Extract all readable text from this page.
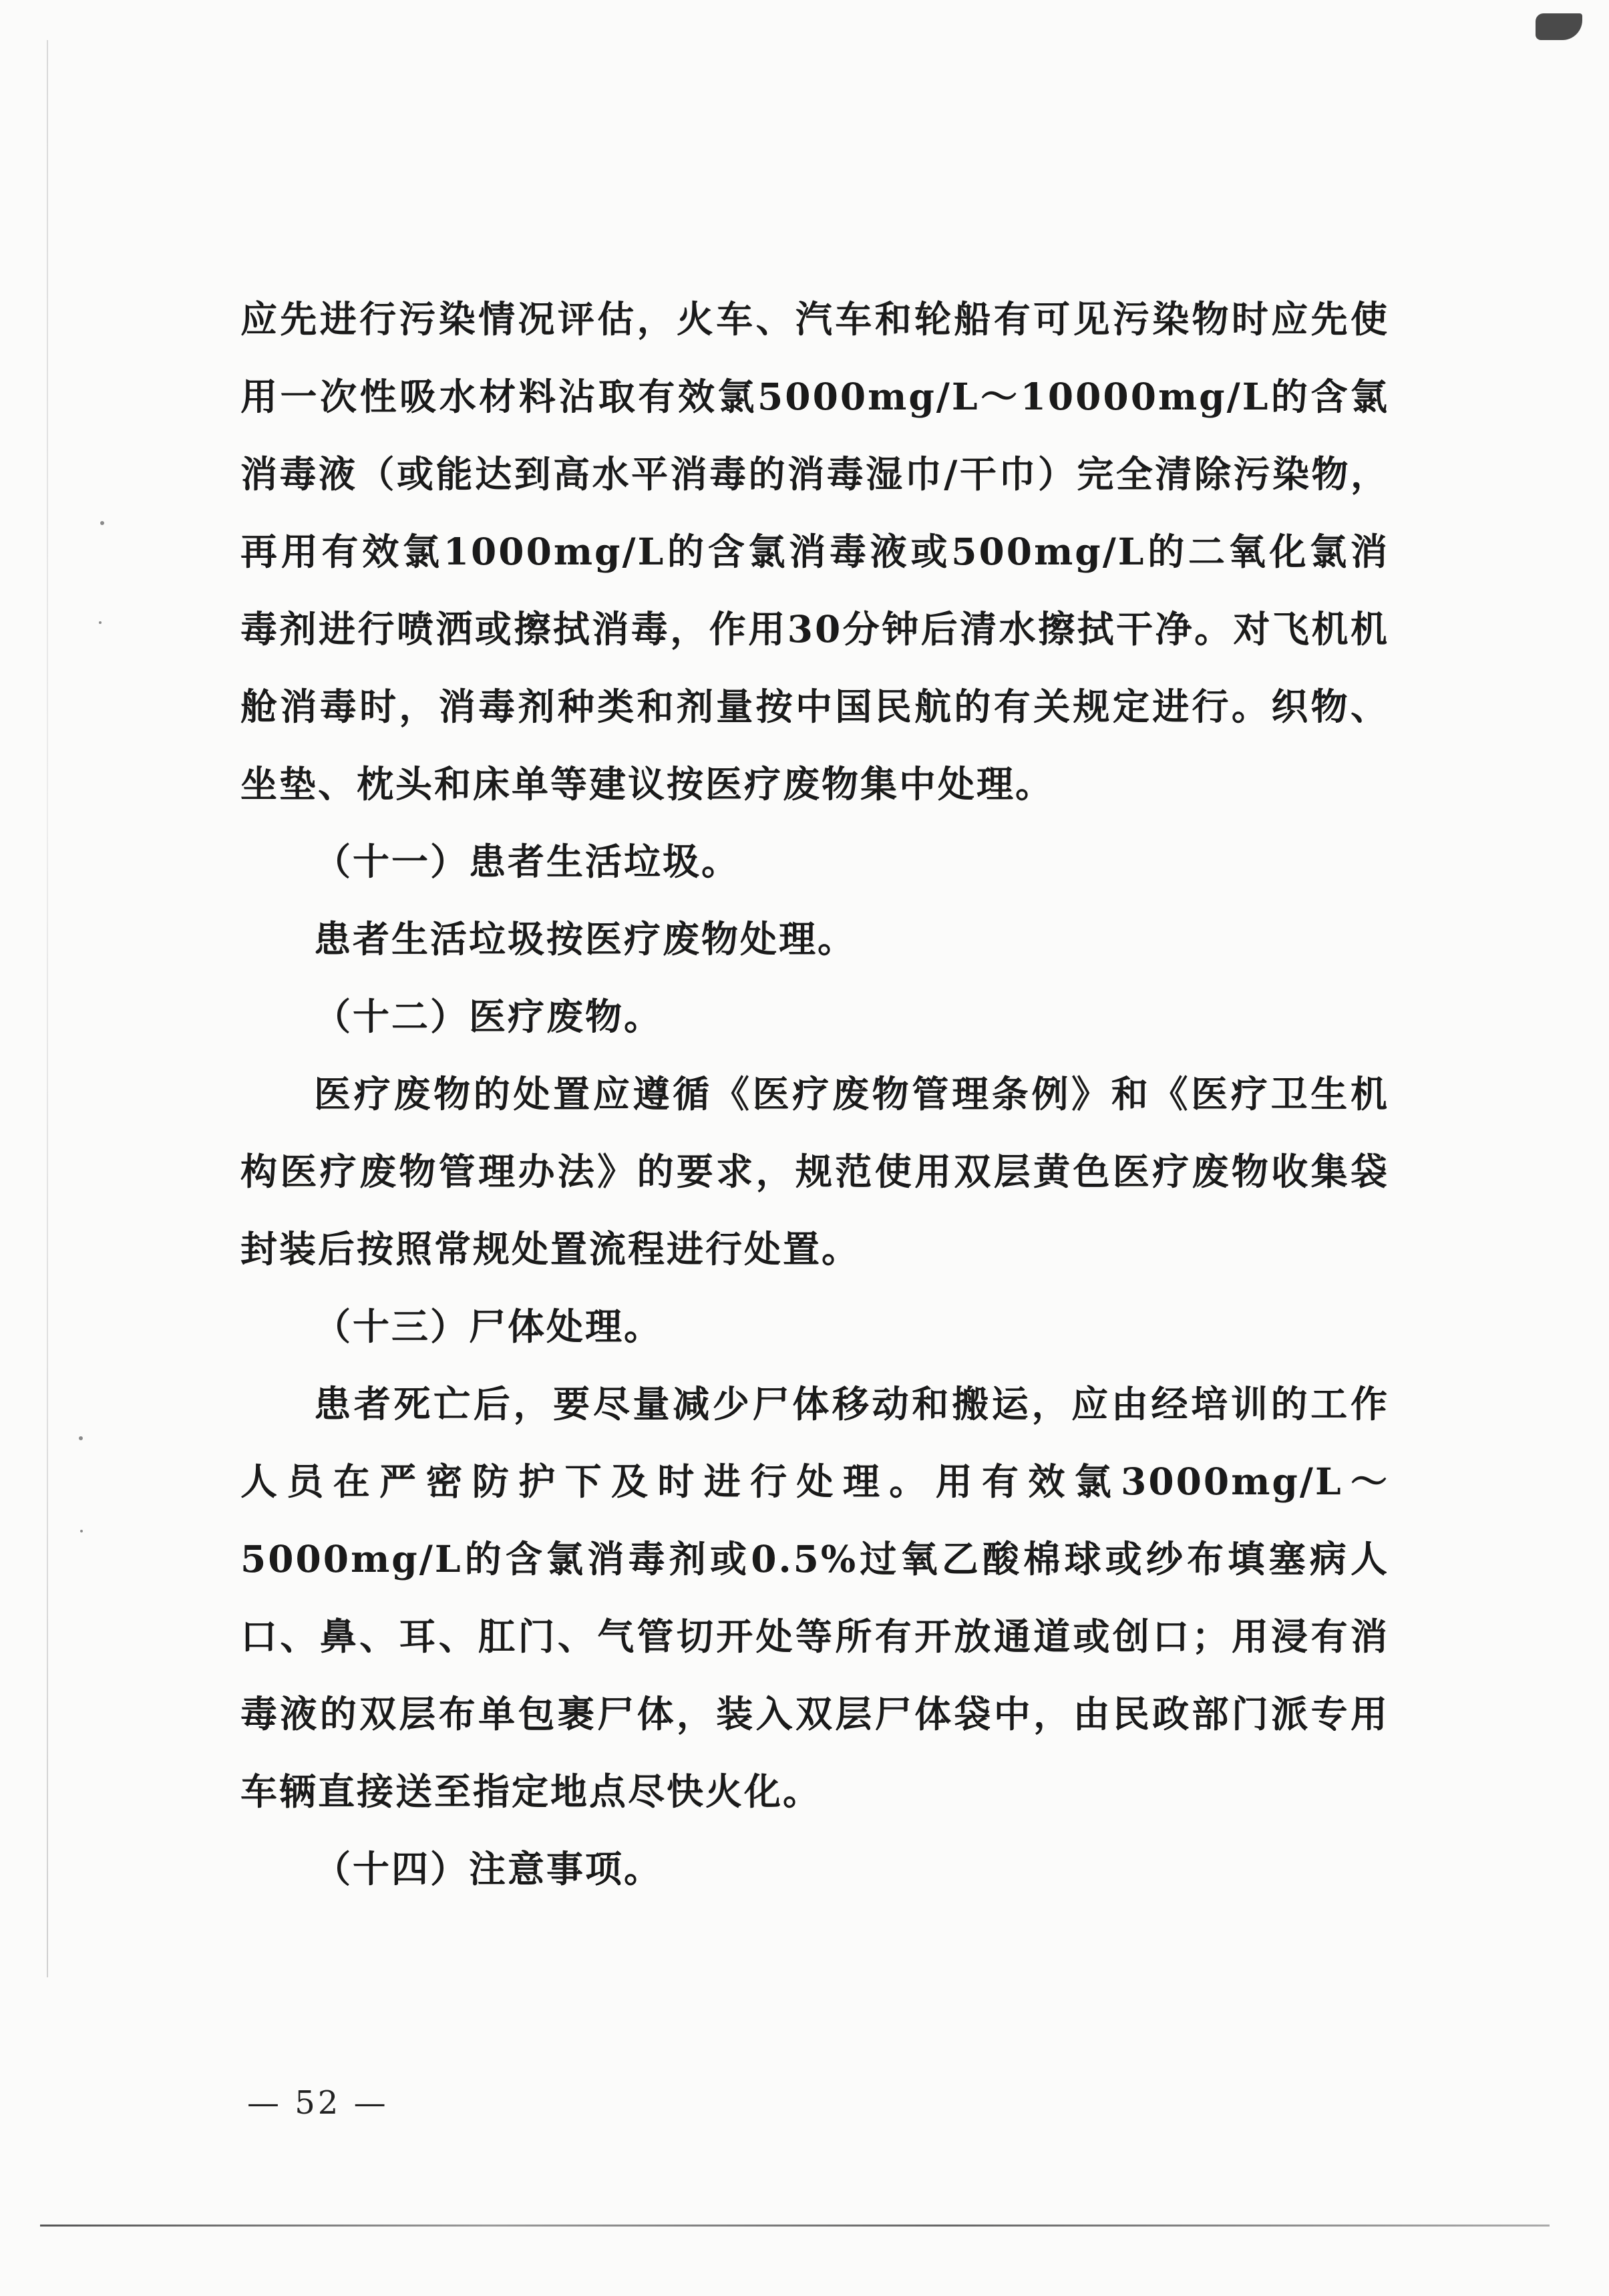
应先进行污染情况评估，火车、汽车和轮船有可见污染物时应先使用一次性吸水材料沾取有效氯5000mg/L～10000mg/L的含氯消毒液（或能达到高水平消毒的消毒湿巾/干巾）完全清除污染物，再用有效氯1000mg/L的含氯消毒液或500mg/L的二氧化氯消毒剂进行喷洒或擦拭消毒，作用30分钟后清水擦拭干净。对飞机机舱消毒时，消毒剂种类和剂量按中国民航的有关规定进行。织物、坐垫、枕头和床单等建议按医疗废物集中处理。

（十一）患者生活垃圾。

患者生活垃圾按医疗废物处理。

（十二）医疗废物。

医疗废物的处置应遵循《医疗废物管理条例》和《医疗卫生机构医疗废物管理办法》的要求，规范使用双层黄色医疗废物收集袋封装后按照常规处置流程进行处置。

（十三）尸体处理。

患者死亡后，要尽量减少尸体移动和搬运，应由经培训的工作人员在严密防护下及时进行处理。用有效氯3000mg/L～5000mg/L的含氯消毒剂或0.5%过氧乙酸棉球或纱布填塞病人口、鼻、耳、肛门、气管切开处等所有开放通道或创口；用浸有消毒液的双层布单包裹尸体，装入双层尸体袋中，由民政部门派专用车辆直接送至指定地点尽快火化。

（十四）注意事项。

— 52 —
